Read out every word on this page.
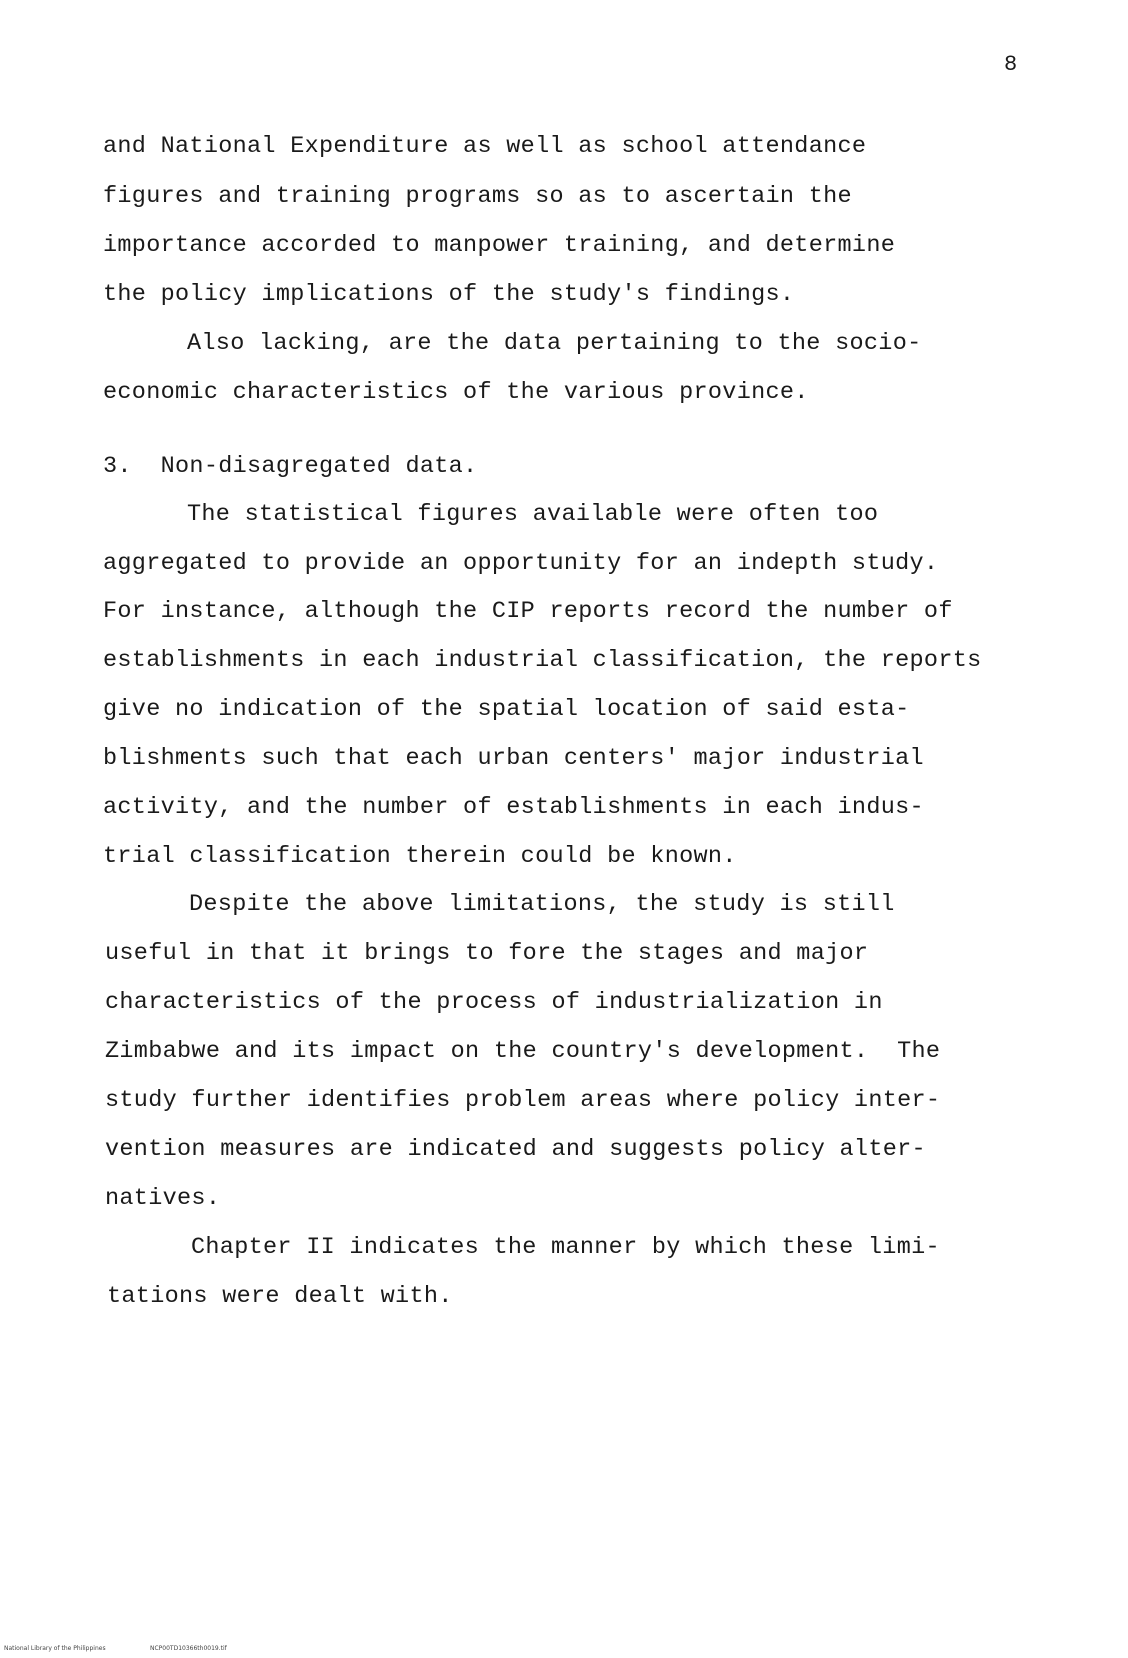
8
and National Expenditure as well as school attendance
figures and training programs so as to ascertain the
importance accorded to manpower training, and determine
the policy implications of the study's findings.
Also lacking, are the data pertaining to the socio-
economic characteristics of the various province.
3.  Non-disagregated data.
The statistical figures available were often too
aggregated to provide an opportunity for an indepth study.
For instance, although the CIP reports record the number of
establishments in each industrial classification, the reports
give no indication of the spatial location of said esta-
blishments such that each urban centers' major industrial
activity, and the number of establishments in each indus-
trial classification therein could be known.
Despite the above limitations, the study is still
useful in that it brings to fore the stages and major
characteristics of the process of industrialization in
Zimbabwe and its impact on the country's development.  The
study further identifies problem areas where policy inter-
vention measures are indicated and suggests policy alter-
natives.
Chapter II indicates the manner by which these limi-
tations were dealt with.
National Library of the Philippines	NCP00TD10366th0019.tif
